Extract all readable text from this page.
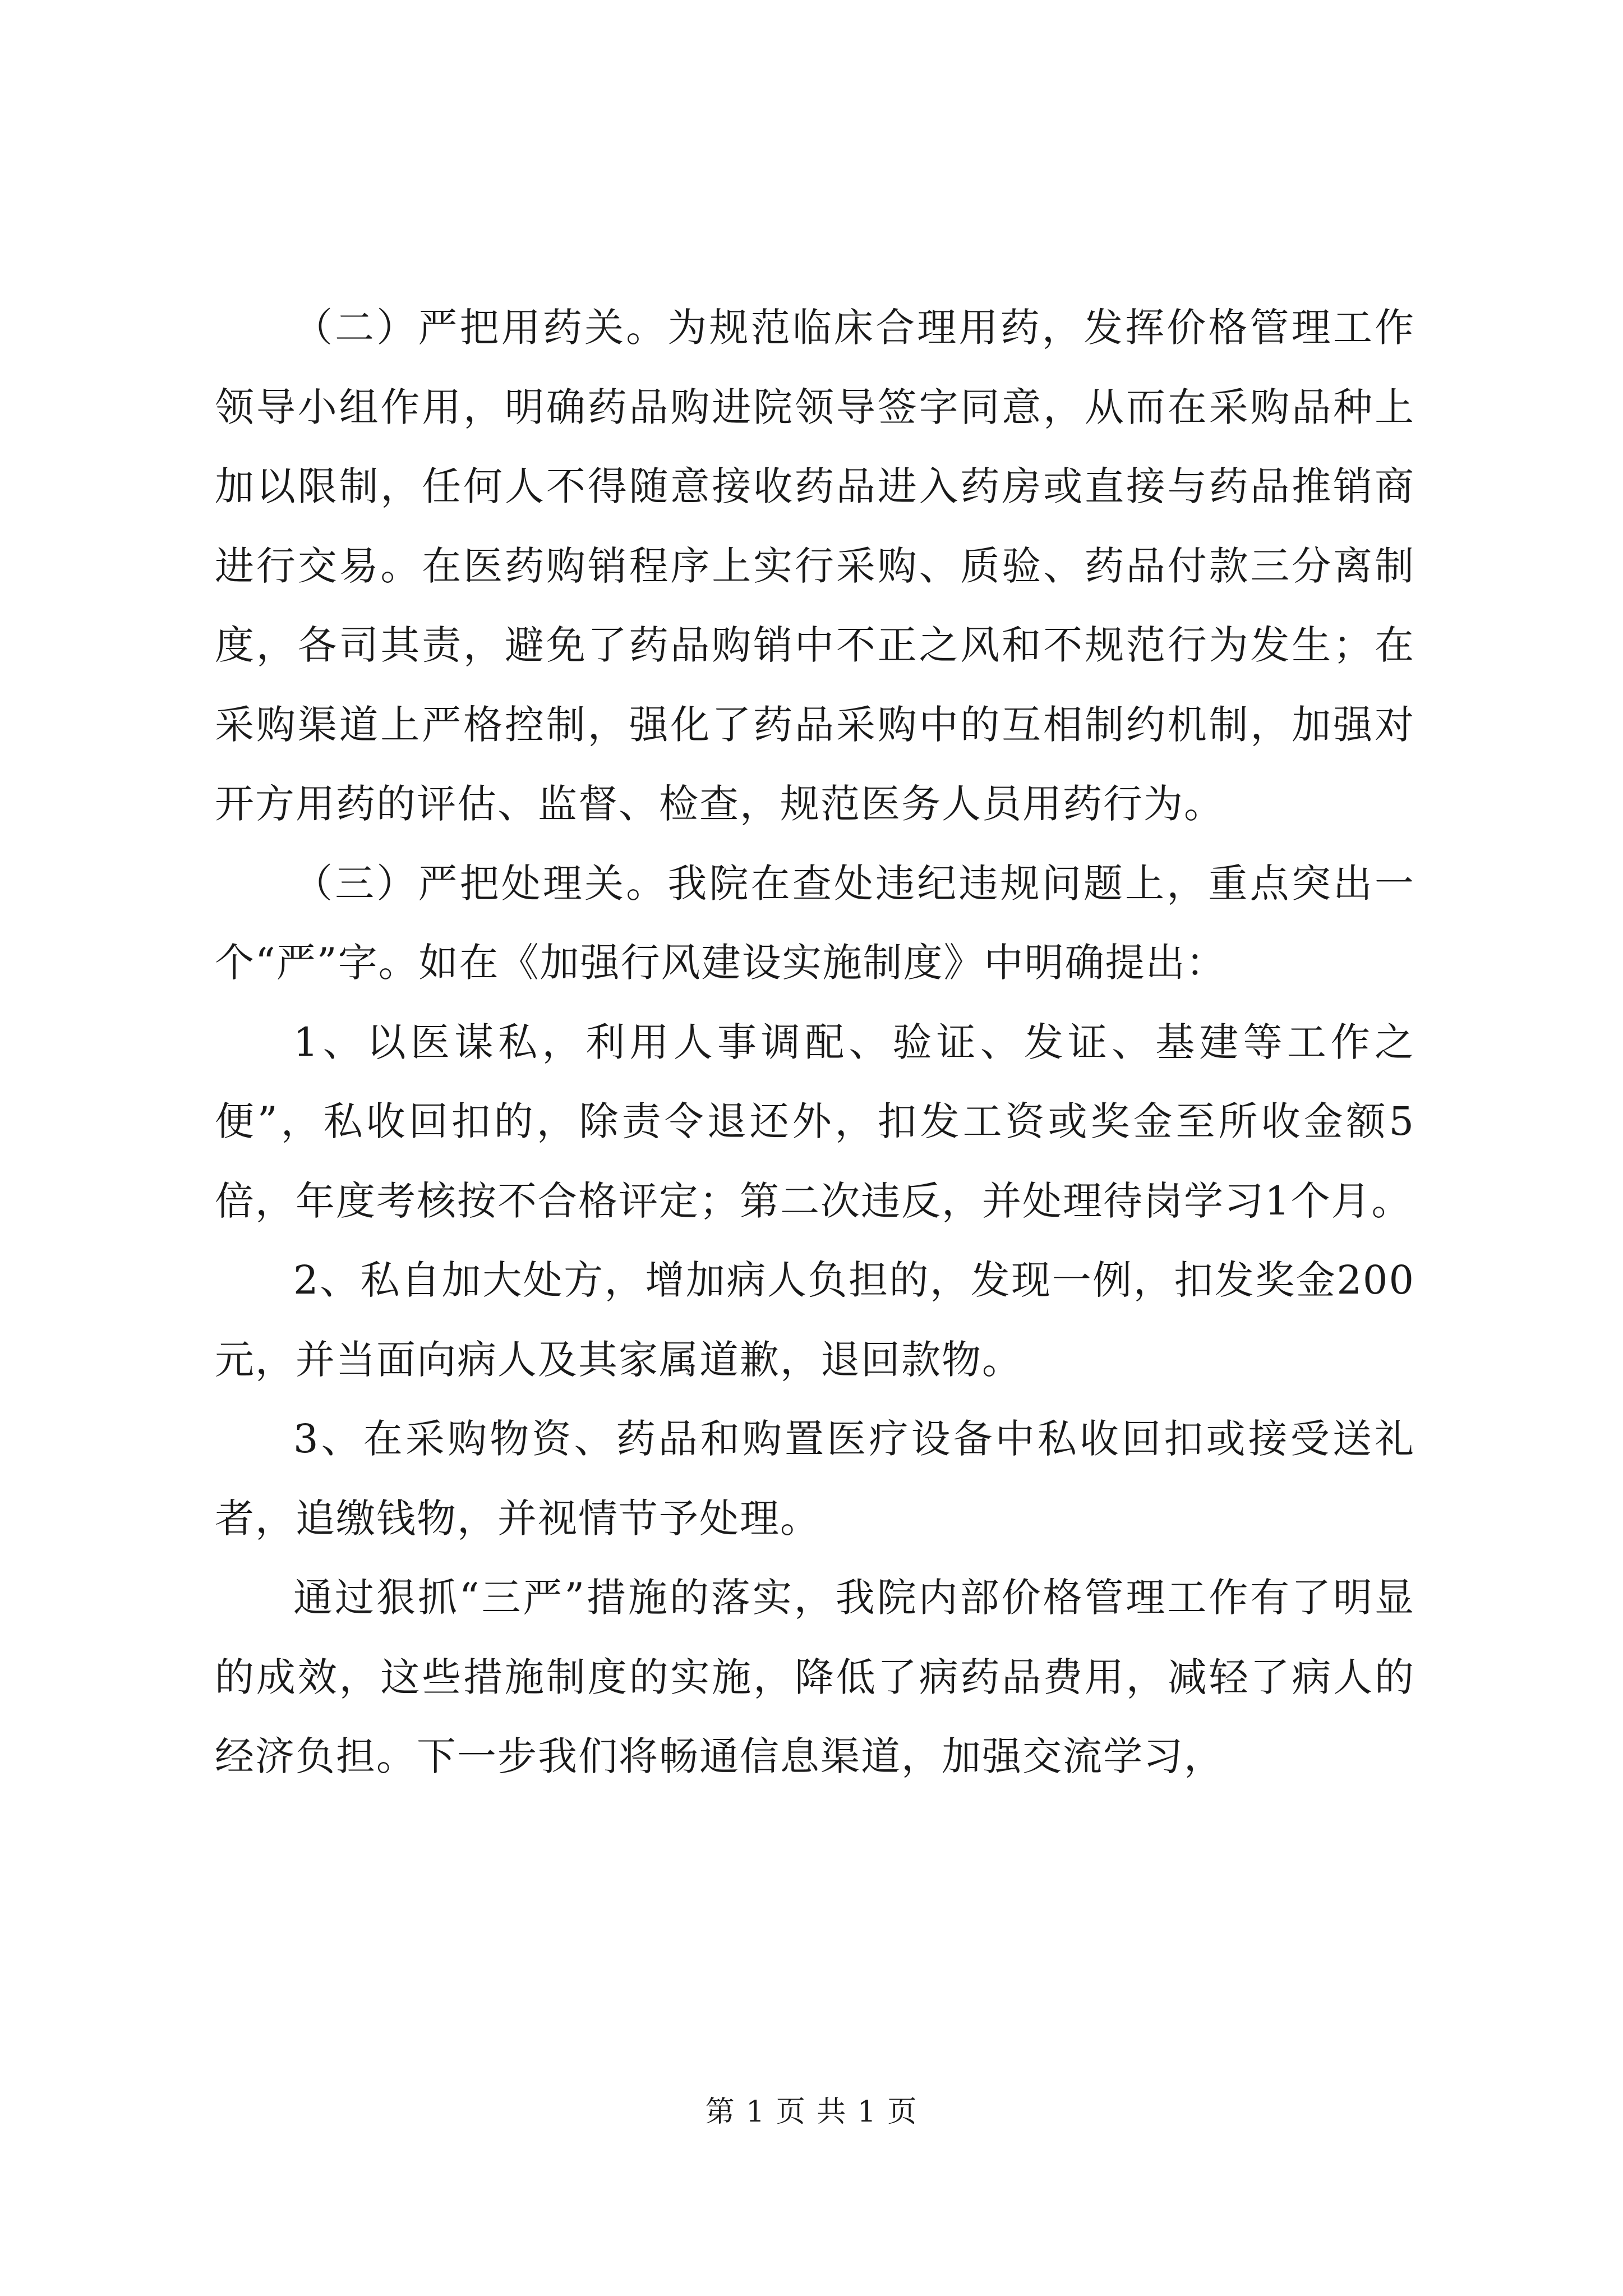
（二）严把用药关。为规范临床合理用药，发挥价格管理工作领导小组作用，明确药品购进院领导签字同意，从而在采购品种上加以限制，任何人不得随意接收药品进入药房或直接与药品推销商进行交易。在医药购销程序上实行采购、质验、药品付款三分离制度，各司其责，避免了药品购销中不正之风和不规范行为发生；在采购渠道上严格控制，强化了药品采购中的互相制约机制，加强对开方用药的评估、监督、检查，规范医务人员用药行为。

（三）严把处理关。我院在查处违纪违规问题上，重点突出一个“严”字。如在《加强行风建设实施制度》中明确提出：

1、以医谋私，利用人事调配、验证、发证、基建等工作之便”，私收回扣的，除责令退还外，扣发工资或奖金至所收金额5倍，年度考核按不合格评定；第二次违反，并处理待岗学习1个月。

2、私自加大处方，增加病人负担的，发现一例，扣发奖金200元，并当面向病人及其家属道歉，退回款物。

3、在采购物资、药品和购置医疗设备中私收回扣或接受送礼者，追缴钱物，并视情节予处理。

通过狠抓“三严”措施的落实，我院内部价格管理工作有了明显的成效，这些措施制度的实施，降低了病药品费用，减轻了病人的经济负担。下一步我们将畅通信息渠道，加强交流学习，

第 1 页 共 1 页
